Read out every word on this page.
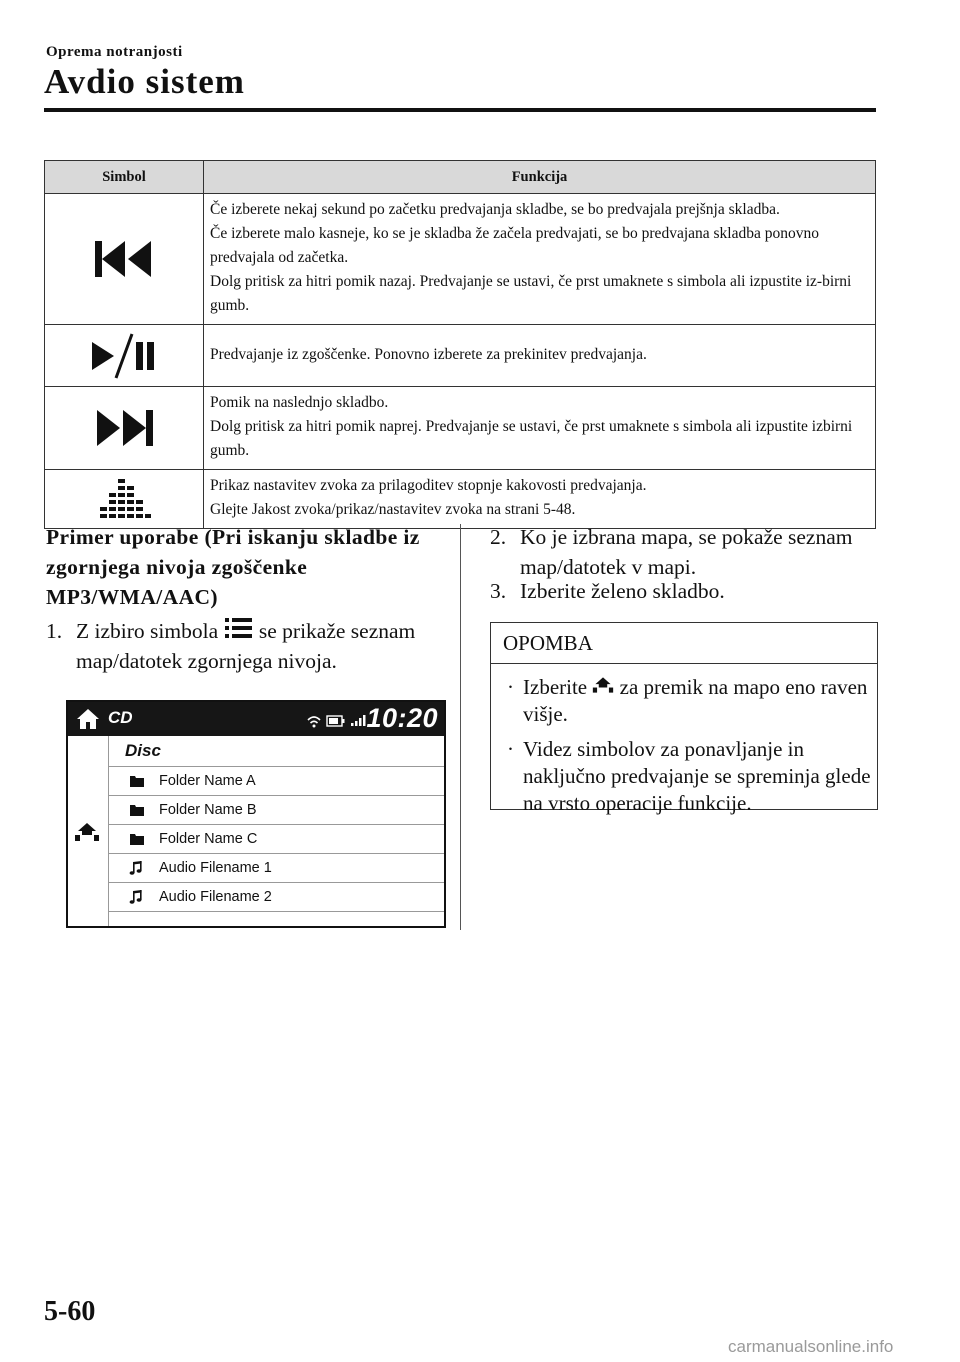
Oprema notranjosti
Avdio sistem
Simbol	Funkcija

Če izberete nekaj sekund po začetku predvajanja skladbe, se bo predvajala prejšnja skladba.
Če izberete malo kasneje, ko se je skladba že začela predvajati, se bo predvajana skladba ponovno predvajala od začetka.
Dolg pritisk za hitri pomik nazaj. Predvajanje se ustavi, če prst umaknete s simbola ali izpustite iz-birni gumb.

Predvajanje iz zgoščenke. Ponovno izberete za prekinitev predvajanja.

Pomik na naslednjo skladbo.
Dolg pritisk za hitri pomik naprej. Predvajanje se ustavi, če prst umaknete s simbola ali izpustite izbirni gumb.

Prikaz nastavitev zvoka za prilagoditev stopnje kakovosti predvajanja.
Glejte Jakost zvoka/prikaz/nastavitev zvoka na strani 5-48.
Primer uporabe (Pri iskanju skladbe iz zgornjega nivoja zgoščenke MP3/WMA/AAC)
1. Z izbiro simbola se prikaže seznam map/datotek zgornjega nivoja.
CD	10:20
Disc
Folder Name A
Folder Name B
Folder Name C
Audio Filename 1
Audio Filename 2
2. Ko je izbrana mapa, se pokaže seznam map/datotek v mapi.
3. Izberite želeno skladbo.
OPOMBA
· Izberite za premik na mapo eno raven višje.
· Videz simbolov za ponavljanje in naključno predvajanje se spreminja glede na vrsto operacije funkcije.
5-60
carmanualsonline.info
